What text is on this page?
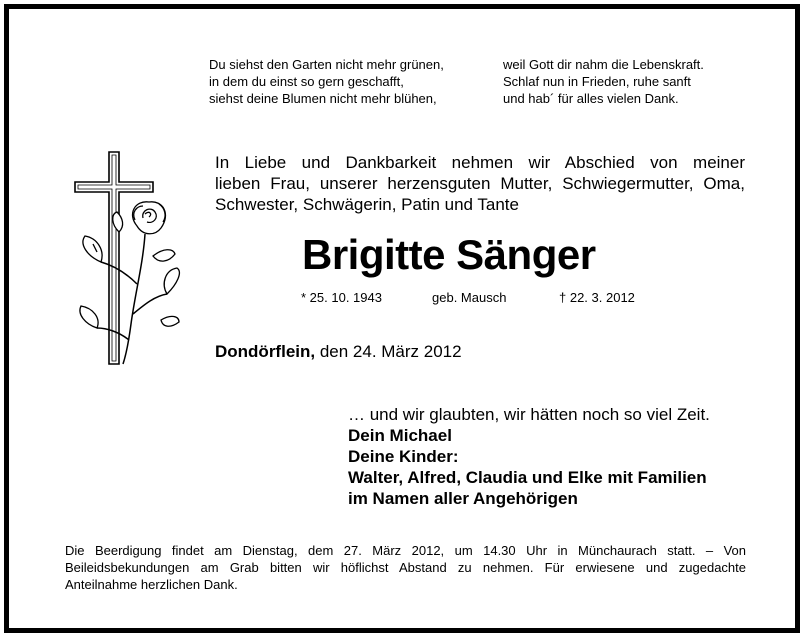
Du siehst den Garten nicht mehr grünen,
in dem du einst so gern geschafft,
siehst deine Blumen nicht mehr blühen,
weil Gott dir nahm die Lebenskraft.
Schlaf nun in Frieden, ruhe sanft
und hab´ für alles vielen Dank.
In Liebe und Dankbarkeit nehmen wir Abschied von meiner
lieben Frau, unserer herzensguten Mutter, Schwiegermutter, Oma,
Schwester, Schwägerin, Patin und Tante
Brigitte Sänger
* 25. 10. 1943	geb. Mausch	† 22. 3. 2012
Dondörflein, den 24. März 2012
… und wir glaubten, wir hätten noch so viel Zeit.
Dein Michael
Deine Kinder:
Walter, Alfred, Claudia und Elke mit Familien
im Namen aller Angehörigen
Die Beerdigung findet am Dienstag, dem 27. März 2012, um 14.30 Uhr in Münchaurach statt. – Von
Beileidsbekundungen am Grab bitten wir höflichst Abstand zu nehmen. Für erwiesene und zugedachte
Anteilnahme herzlichen Dank.
